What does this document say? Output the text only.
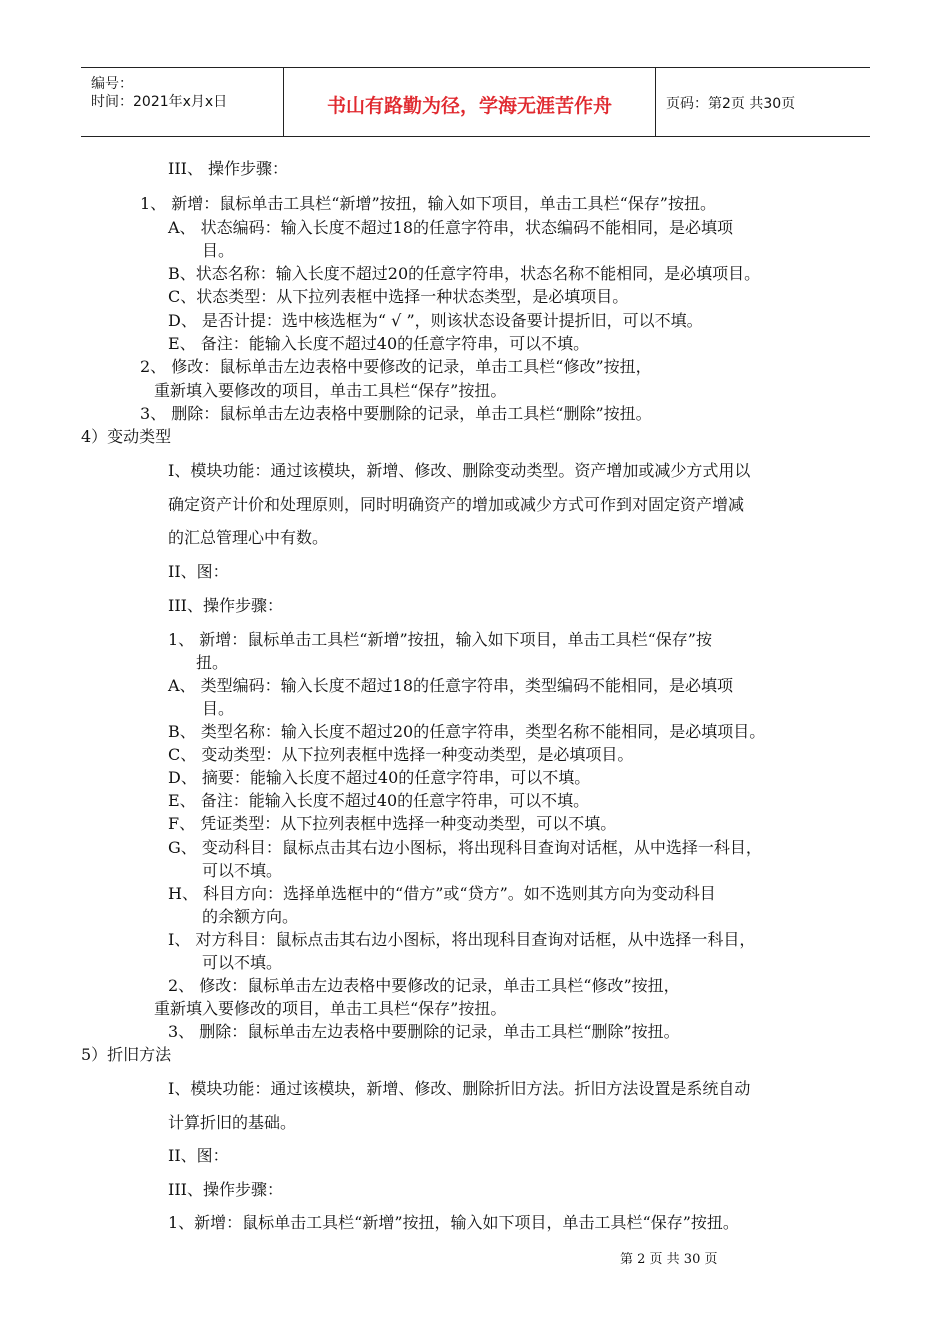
编号：
时间：2021年x月x日	书山有路勤为径，学海无涯苦作舟	页码：第2页 共30页
III、 操作步骤：
1、 新增：鼠标单击工具栏“新增”按扭，输入如下项目，单击工具栏“保存”按扭。
A、 状态编码：输入长度不超过18的任意字符串，状态编码不能相同，是必填项
目。
B、状态名称：输入长度不超过20的任意字符串，状态名称不能相同，是必填项目。
C、状态类型：从下拉列表框中选择一种状态类型，是必填项目。
D、 是否计提：选中核选框为“ √ ”，则该状态设备要计提折旧，可以不填。
E、 备注：能输入长度不超过40的任意字符串，可以不填。
2、 修改：鼠标单击左边表格中要修改的记录，单击工具栏“修改”按扭，
重新填入要修改的项目，单击工具栏“保存”按扭。
3、 删除：鼠标单击左边表格中要删除的记录，单击工具栏“删除”按扭。
4）变动类型
I、模块功能：通过该模块，新增、修改、删除变动类型。资产增加或减少方式用以
确定资产计价和处理原则，同时明确资产的增加或减少方式可作到对固定资产增减
的汇总管理心中有数。
II、图：
III、操作步骤：
1、 新增：鼠标单击工具栏“新增”按扭，输入如下项目，单击工具栏“保存”按
扭。
A、 类型编码：输入长度不超过18的任意字符串，类型编码不能相同，是必填项
目。
B、 类型名称：输入长度不超过20的任意字符串，类型名称不能相同，是必填项目。
C、 变动类型：从下拉列表框中选择一种变动类型，是必填项目。
D、 摘要：能输入长度不超过40的任意字符串，可以不填。
E、 备注：能输入长度不超过40的任意字符串，可以不填。
F、 凭证类型：从下拉列表框中选择一种变动类型，可以不填。
G、 变动科目：鼠标点击其右边小图标，将出现科目查询对话框，从中选择一科目，
可以不填。
H、 科目方向：选择单选框中的“借方”或“贷方”。如不选则其方向为变动科目
的余额方向。
I、 对方科目：鼠标点击其右边小图标，将出现科目查询对话框，从中选择一科目，
可以不填。
2、 修改：鼠标单击左边表格中要修改的记录，单击工具栏“修改”按扭，
重新填入要修改的项目，单击工具栏“保存”按扭。
3、 删除：鼠标单击左边表格中要删除的记录，单击工具栏“删除”按扭。
5）折旧方法
I、模块功能：通过该模块，新增、修改、删除折旧方法。折旧方法设置是系统自动
计算折旧的基础。
II、图：
III、操作步骤：
1、新增：鼠标单击工具栏“新增”按扭，输入如下项目，单击工具栏“保存”按扭。
第 2 页 共 30 页
